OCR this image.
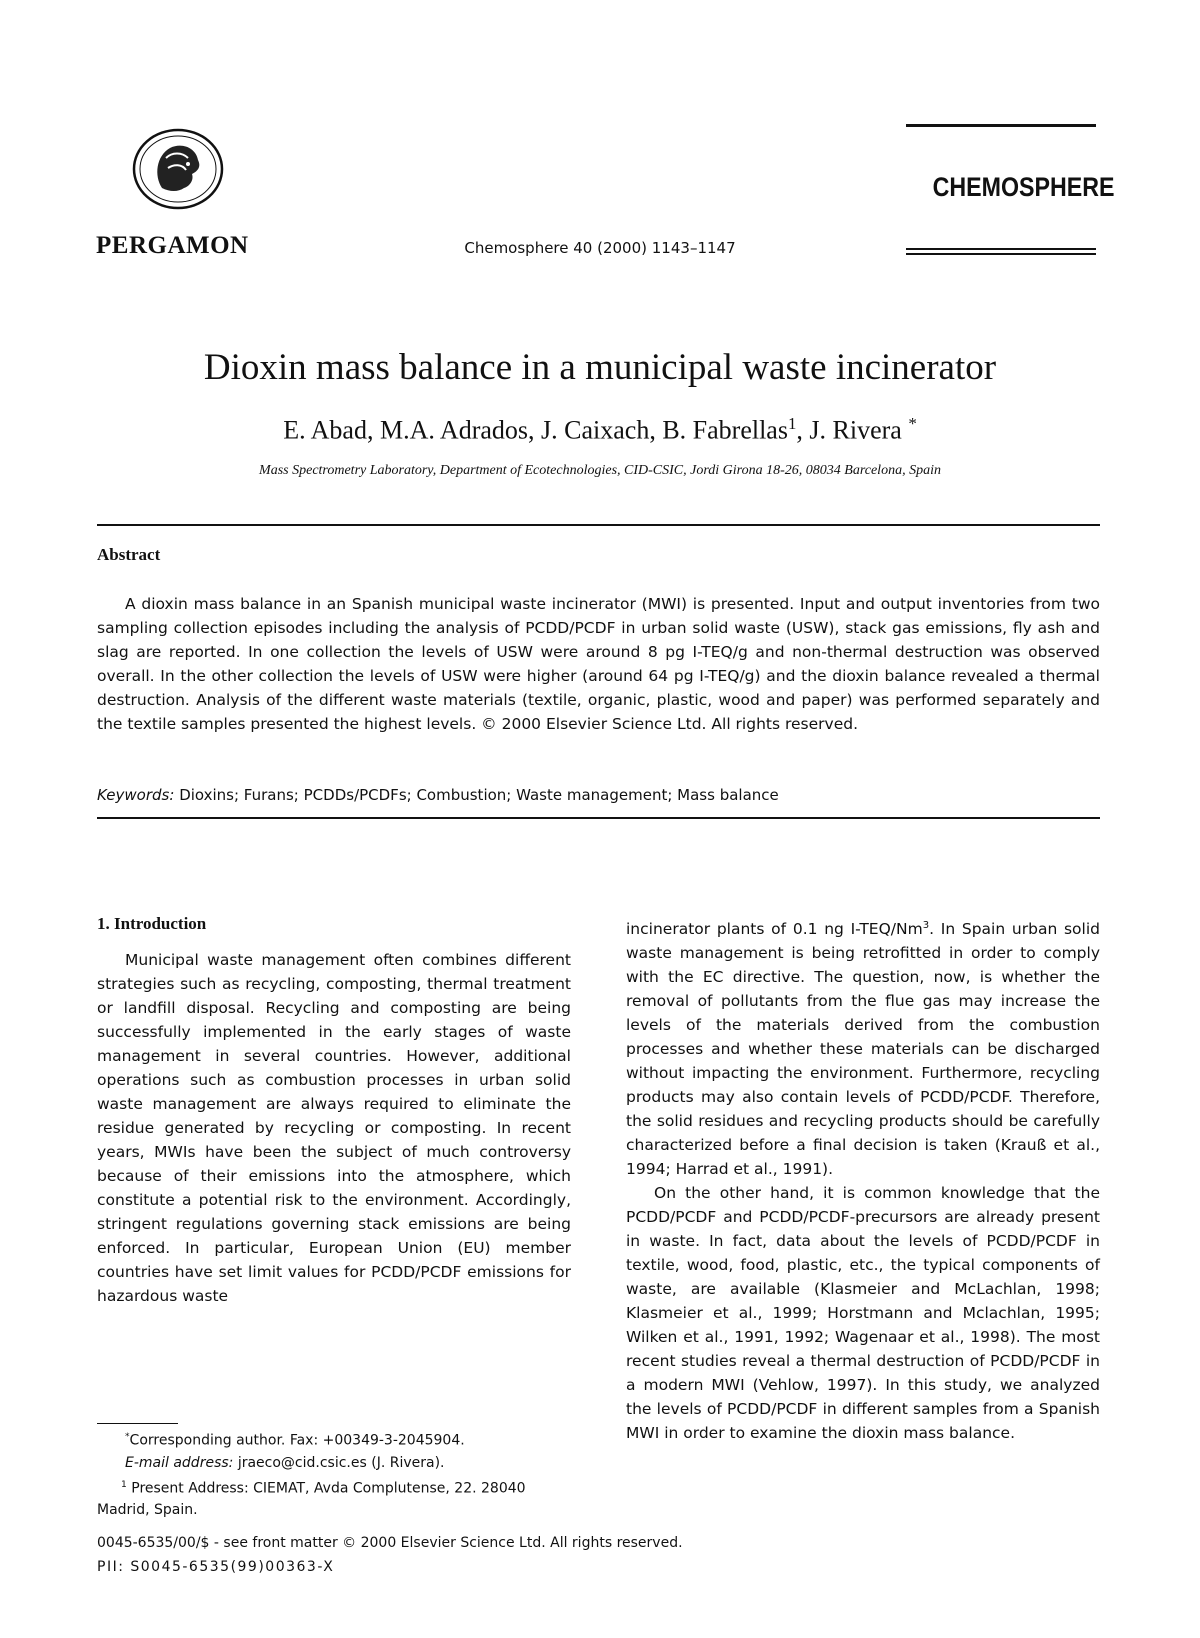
PERGAMON	Chemosphere 40 (2000) 1143–1147
CHEMOSPHERE
Dioxin mass balance in a municipal waste incinerator
E. Abad, M.A. Adrados, J. Caixach, B. Fabrellas$^1$, J. Rivera *
Mass Spectrometry Laboratory, Department of Ecotechnologies, CID-CSIC, Jordi Girona 18-26, 08034 Barcelona, Spain
Abstract

A dioxin mass balance in an Spanish municipal waste incinerator (MWI) is presented. Input and output inventories from two sampling collection episodes including the analysis of PCDD/PCDF in urban solid waste (USW), stack gas emissions, fly ash and slag are reported. In one collection the levels of USW were around 8 pg I-TEQ/g and non-thermal destruction was observed overall. In the other collection the levels of USW were higher (around 64 pg I-TEQ/g) and the dioxin balance revealed a thermal destruction. Analysis of the different waste materials (textile, organic, plastic, wood and paper) was performed separately and the textile samples presented the highest levels. © 2000 Elsevier Science Ltd. All rights reserved.

Keywords: Dioxins; Furans; PCDDs/PCDFs; Combustion; Waste management; Mass balance
1. Introduction

Municipal waste management often combines different strategies such as recycling, composting, thermal treatment or landfill disposal. Recycling and composting are being successfully implemented in the early stages of waste management in several countries. However, additional operations such as combustion processes in urban solid waste management are always required to eliminate the residue generated by recycling or composting. In recent years, MWIs have been the subject of much controversy because of their emissions into the atmosphere, which constitute a potential risk to the environment. Accordingly, stringent regulations governing stack emissions are being enforced. In particular, European Union (EU) member countries have set limit values for PCDD/PCDF emissions for hazardous waste

incinerator plants of 0.1 ng I-TEQ/Nm$^3$. In Spain urban solid waste management is being retrofitted in order to comply with the EC directive. The question, now, is whether the removal of pollutants from the flue gas may increase the levels of the materials derived from the combustion processes and whether these materials can be discharged without impacting the environment. Furthermore, recycling products may also contain levels of PCDD/PCDF. Therefore, the solid residues and recycling products should be carefully characterized before a final decision is taken (Krauß et al., 1994; Harrad et al., 1991).

On the other hand, it is common knowledge that the PCDD/PCDF and PCDD/PCDF-precursors are already present in waste. In fact, data about the levels of PCDD/PCDF in textile, wood, food, plastic, etc., the typical components of waste, are available (Klasmeier and McLachlan, 1998; Klasmeier et al., 1999; Horstmann and Mclachlan, 1995; Wilken et al., 1991, 1992; Wagenaar et al., 1998). The most recent studies reveal a thermal destruction of PCDD/PCDF in a modern MWI (Vehlow, 1997). In this study, we analyzed the levels of PCDD/PCDF in different samples from a Spanish MWI in order to examine the dioxin mass balance.

*Corresponding author. Fax: +00349-3-2045904.

E-mail address: jraeco@cid.csic.es (J. Rivera).

$^1$ Present Address: CIEMAT, Avda Complutense, 22. 28040 Madrid, Spain.

0045-6535/00/$ - see front matter © 2000 Elsevier Science Ltd. All rights reserved.
PII: S0045-6535(99)00363-X
